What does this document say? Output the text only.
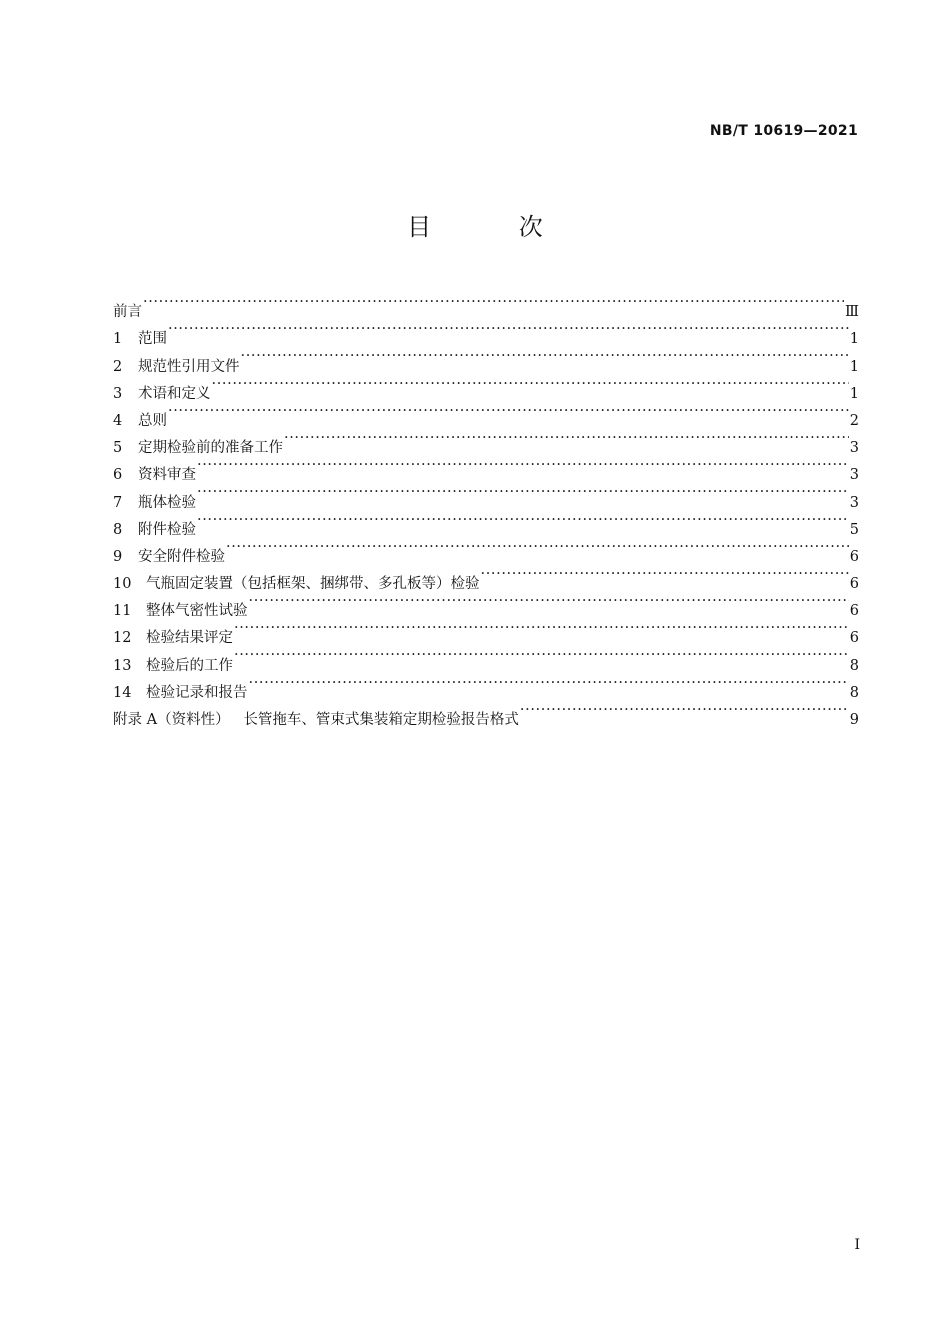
NB/T 10619—2021
目 次
前言 ·····	Ⅲ
1	范围 ·····	1
2	规范性引用文件 ·····	1
3	术语和定义 ·····	1
4	总则 ·····	2
5	定期检验前的准备工作 ·····	3
6	资料审查 ·····	3
7	瓶体检验 ·····	3
8	附件检验 ·····	5
9	安全附件检验 ·····	6
10	气瓶固定装置（包括框架、捆绑带、多孔板等）检验 ·····	6
11	整体气密性试验 ·····	6
12	检验结果评定 ·····	6
13	检验后的工作 ·····	8
14	检验记录和报告 ·····	8
附录 A（资料性）   长管拖车、管束式集装箱定期检验报告格式 ·····	9
I
